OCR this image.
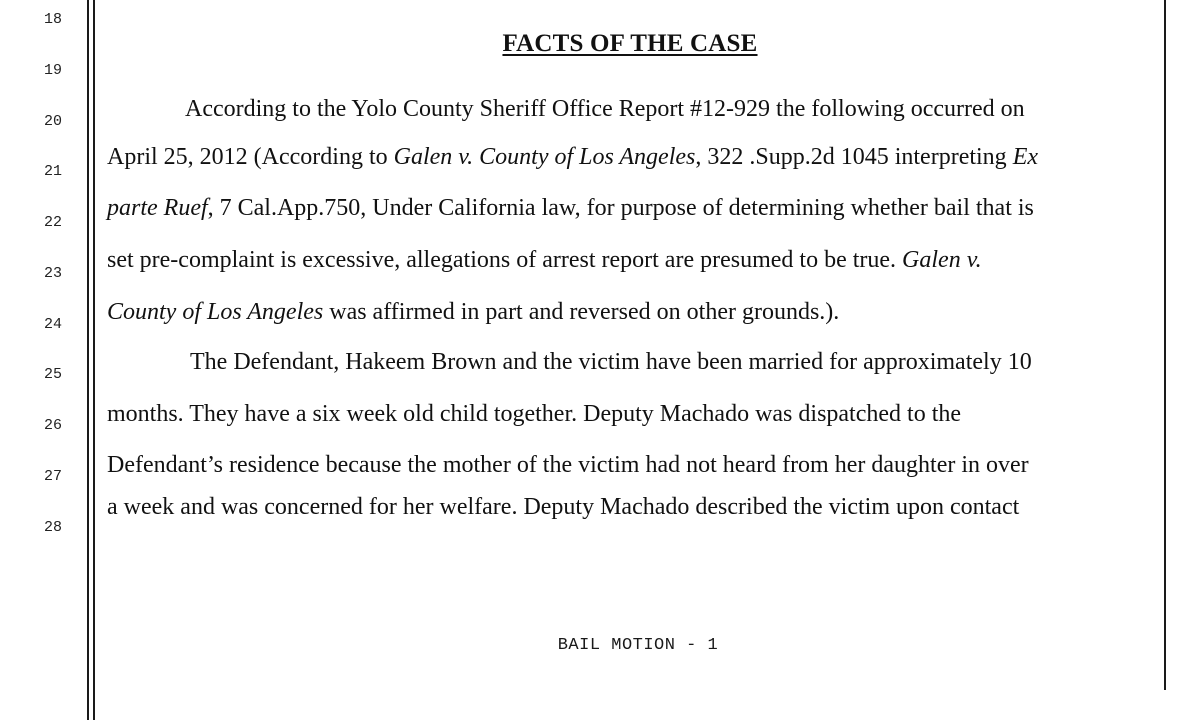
18
19
20
21
22
23
24
25
26
27
28
FACTS OF THE CASE
According to the Yolo County Sheriff Office Report #12-929 the following occurred on
April 25, 2012 (According to Galen v. County of Los Angeles, 322 .Supp.2d 1045 interpreting Ex
parte Ruef, 7 Cal.App.750, Under California law, for purpose of determining whether bail that is
set pre-complaint is excessive, allegations of arrest report are presumed to be true. Galen v.
County of Los Angeles was affirmed in part and reversed on other grounds.).
The Defendant, Hakeem Brown and the victim have been married for approximately 10
months. They have a six week old child together. Deputy Machado was dispatched to the
Defendant’s residence because the mother of the victim had not heard from her daughter in over
a week and was concerned for her welfare. Deputy Machado described the victim upon contact
BAIL MOTION - 1
